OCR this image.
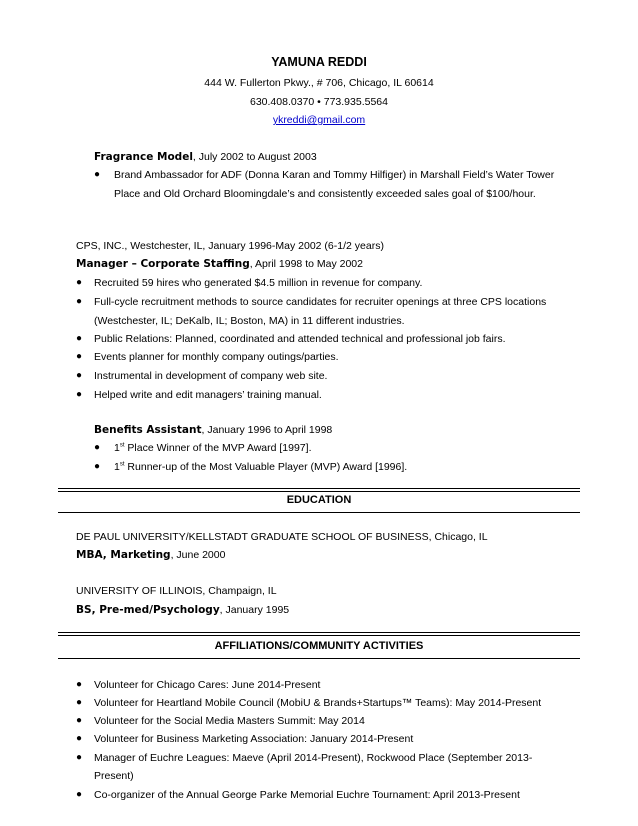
YAMUNA REDDI
444 W. Fullerton Pkwy., # 706, Chicago, IL 60614
630.408.0370 • 773.935.5564
ykreddi@gmail.com
Fragrance Model, July 2002 to August 2003
● Brand Ambassador for ADF (Donna Karan and Tommy Hilfiger) in Marshall Field’s Water Tower
Place and Old Orchard Bloomingdale’s and consistently exceeded sales goal of $100/hour.
CPS, INC., Westchester, IL, January 1996-May 2002 (6-1/2 years)
Manager – Corporate Staffing, April 1998 to May 2002
● Recruited 59 hires who generated $4.5 million in revenue for company.
● Full-cycle recruitment methods to source candidates for recruiter openings at three CPS locations
(Westchester, IL; DeKalb, IL; Boston, MA) in 11 different industries.
● Public Relations: Planned, coordinated and attended technical and professional job fairs.
● Events planner for monthly company outings/parties.
● Instrumental in development of company web site.
● Helped write and edit managers’ training manual.
Benefits Assistant, January 1996 to April 1998
● 1st Place Winner of the MVP Award [1997].
● 1st Runner-up of the Most Valuable Player (MVP) Award [1996].
EDUCATION
DE PAUL UNIVERSITY/KELLSTADT GRADUATE SCHOOL OF BUSINESS, Chicago, IL
MBA, Marketing, June 2000
UNIVERSITY OF ILLINOIS, Champaign, IL
BS, Pre-med/Psychology, January 1995
AFFILIATIONS/COMMUNITY ACTIVITIES
● Volunteer for Chicago Cares: June 2014-Present
● Volunteer for Heartland Mobile Council (MobiU & Brands+Startups™ Teams): May 2014-Present
● Volunteer for the Social Media Masters Summit: May 2014
● Volunteer for Business Marketing Association: January 2014-Present
● Manager of Euchre Leagues: Maeve (April 2014-Present), Rockwood Place (September 2013-
Present)
● Co-organizer of the Annual George Parke Memorial Euchre Tournament: April 2013-Present
